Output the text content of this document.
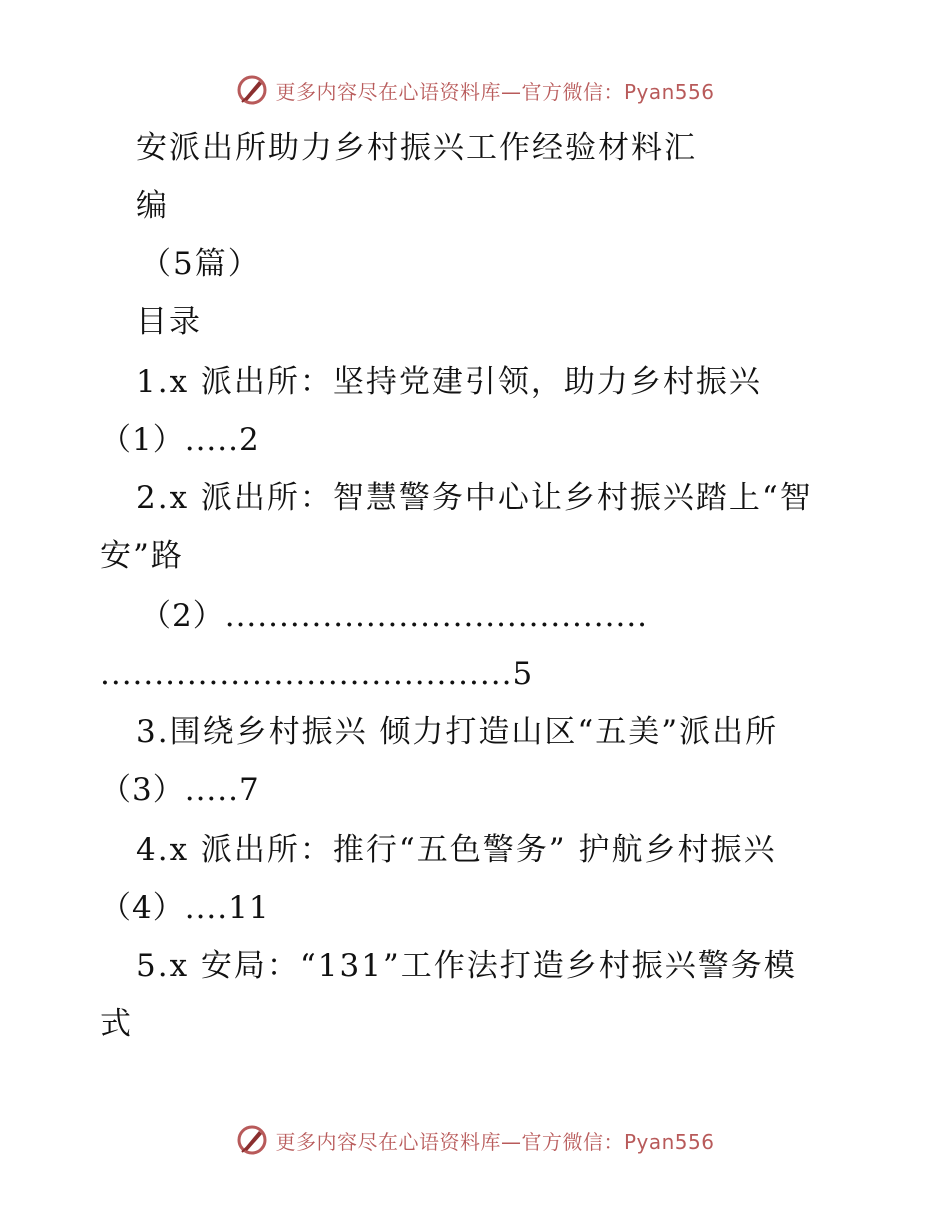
更多内容尽在心语资料库—官方微信：Pyan556
安派出所助力乡村振兴工作经验材料汇
编
（5篇）
目录
1.x 派出所：坚持党建引领，助力乡村振兴
（1）.....2
2.x 派出所：智慧警务中心让乡村振兴踏上“智
安”路
（2）.......................................
......................................5
3.围绕乡村振兴 倾力打造山区“五美”派出所
（3）.....7
4.x 派出所：推行“五色警务” 护航乡村振兴
（4）....11
5.x 安局：“131”工作法打造乡村振兴警务模
式
更多内容尽在心语资料库—官方微信：Pyan556
